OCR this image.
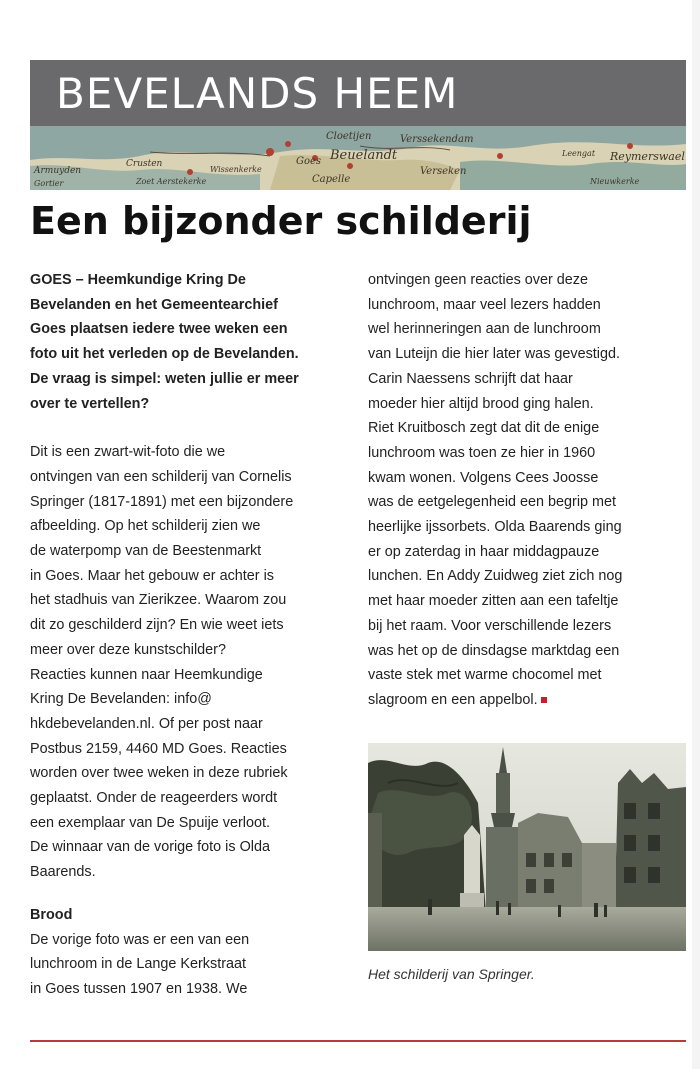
BEVELANDS HEEM
Cloetijen	Verssekendam
Armuyden
Crusten	Goes Beuelandt
Capelle
Verseken
Reymerswael
Leengat
Zoet Aerstekerke
Wissenkerke
Nieuwkerke
Gortier
Een bijzonder schilderij

GOES – Heemkundige Kring De
Bevelanden en het Gemeentearchief
Goes plaatsen iedere twee weken een
foto uit het verleden op de Bevelanden.
De vraag is simpel: weten jullie er meer
over te vertellen?

Dit is een zwart-wit-foto die we
ontvingen van een schilderij van Cornelis
Springer (1817-1891) met een bijzondere
afbeelding. Op het schilderij zien we
de waterpomp van de Beestenmarkt
in Goes. Maar het gebouw er achter is
het stadhuis van Zierikzee. Waarom zou
dit zo geschilderd zijn? En wie weet iets
meer over deze kunstschilder?
Reacties kunnen naar Heemkundige
Kring De Bevelanden: info@
hkdebevelanden.nl. Of per post naar
Postbus 2159, 4460 MD Goes. Reacties
worden over twee weken in deze rubriek
geplaatst. Onder de reageerders wordt
een exemplaar van De Spuije verloot.
De winnaar van de vorige foto is Olda
Baarends.

Brood
De vorige foto was er een van een
lunchroom in de Lange Kerkstraat
in Goes tussen 1907 en 1938. We

ontvingen geen reacties over deze
lunchroom, maar veel lezers hadden
wel herinneringen aan de lunchroom
van Luteijn die hier later was gevestigd.
Carin Naessens schrijft dat haar
moeder hier altijd brood ging halen.
Riet Kruitbosch zegt dat dit de enige
lunchroom was toen ze hier in 1960
kwam wonen. Volgens Cees Joosse
was de eetgelegenheid een begrip met
heerlijke ijssorbets. Olda Baarends ging
er op zaterdag in haar middagpauze
lunchen. En Addy Zuidweg ziet zich nog
met haar moeder zitten aan een tafeltje
bij het raam. Voor verschillende lezers
was het op de dinsdagse marktdag een
vaste stek met warme chocomel met
slagroom en een appelbol.

Het schilderij van Springer.
